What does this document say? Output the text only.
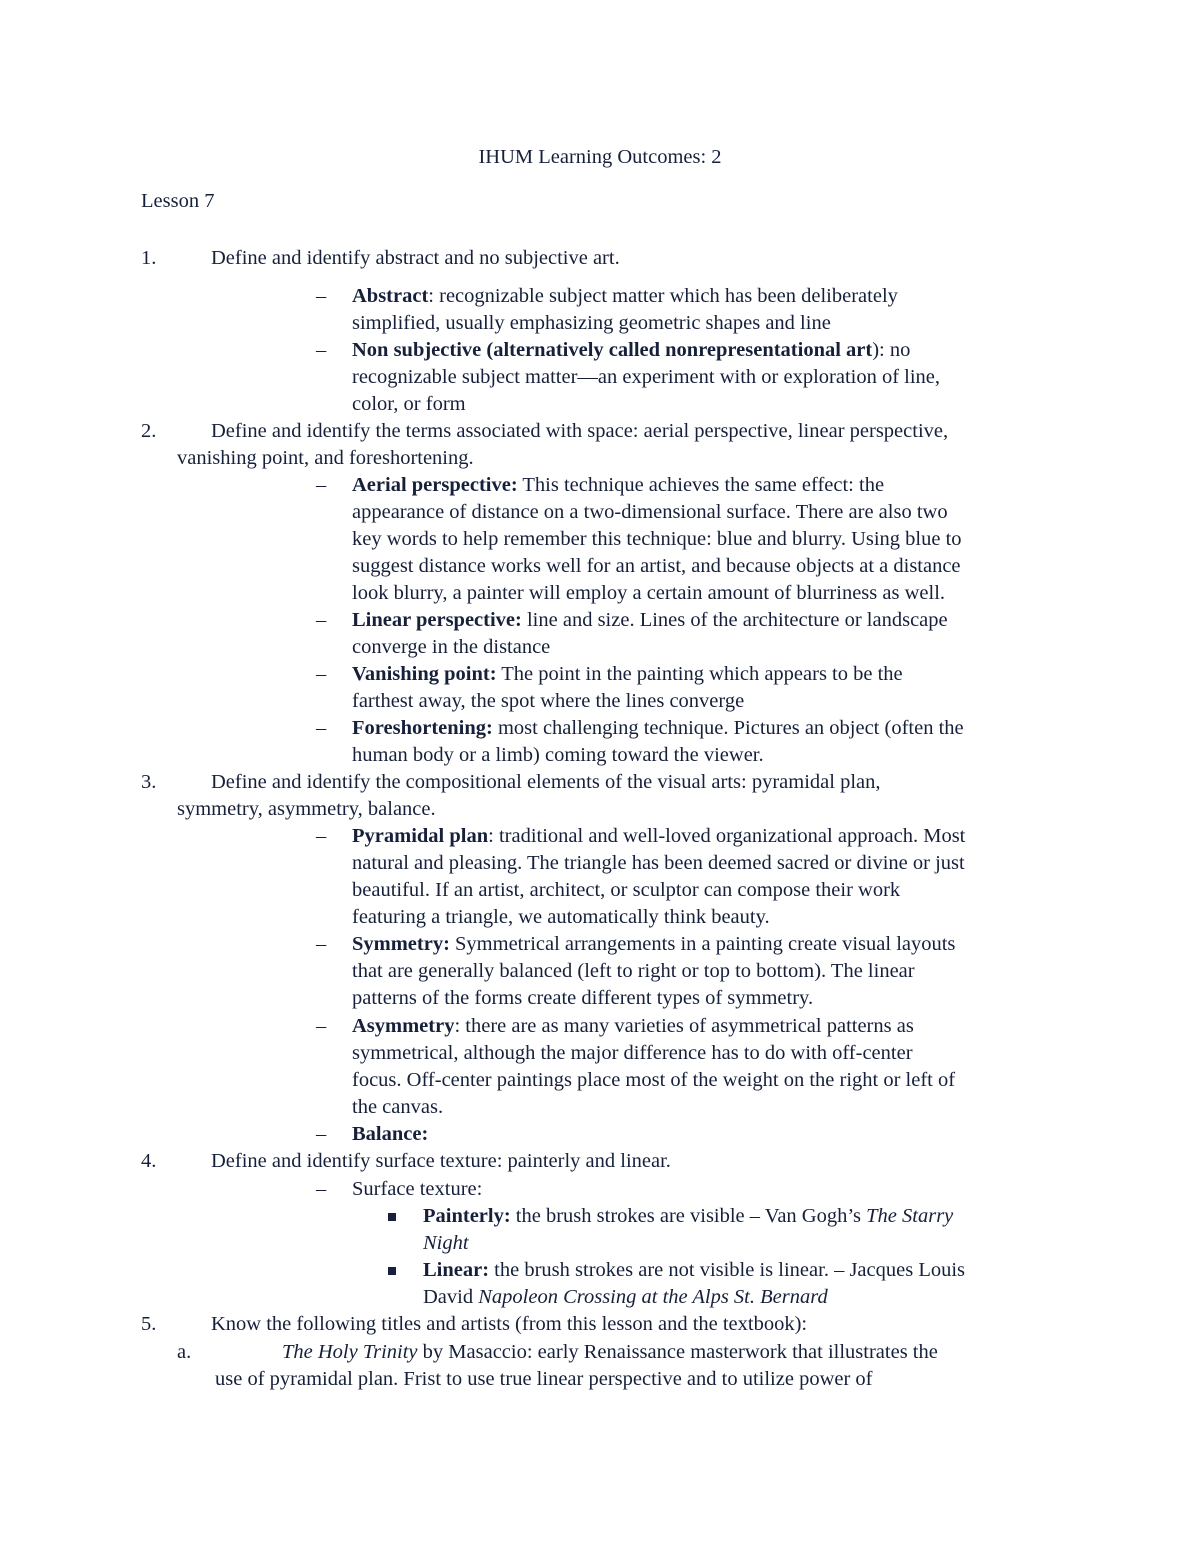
IHUM Learning Outcomes: 2
Lesson 7
1.	Define and identify abstract and no subjective art.
– Abstract: recognizable subject matter which has been deliberately
simplified, usually emphasizing geometric shapes and line
– Non subjective (alternatively called nonrepresentational art): no
recognizable subject matter—an experiment with or exploration of line,
color, or form
2.	Define and identify the terms associated with space: aerial perspective, linear perspective,
vanishing point, and foreshortening.
– Aerial perspective: This technique achieves the same effect: the
appearance of distance on a two-dimensional surface. There are also two
key words to help remember this technique: blue and blurry. Using blue to
suggest distance works well for an artist, and because objects at a distance
look blurry, a painter will employ a certain amount of blurriness as well.
– Linear perspective: line and size. Lines of the architecture or landscape
converge in the distance
– Vanishing point: The point in the painting which appears to be the
farthest away, the spot where the lines converge
– Foreshortening: most challenging technique. Pictures an object (often the
human body or a limb) coming toward the viewer.
3.	Define and identify the compositional elements of the visual arts: pyramidal plan,
symmetry, asymmetry, balance.
– Pyramidal plan: traditional and well-loved organizational approach. Most
natural and pleasing. The triangle has been deemed sacred or divine or just
beautiful. If an artist, architect, or sculptor can compose their work
featuring a triangle, we automatically think beauty.
– Symmetry: Symmetrical arrangements in a painting create visual layouts
that are generally balanced (left to right or top to bottom). The linear
patterns of the forms create different types of symmetry.
– Asymmetry: there are as many varieties of asymmetrical patterns as
symmetrical, although the major difference has to do with off-center
focus. Off-center paintings place most of the weight on the right or left of
the canvas.
– Balance:
4.	Define and identify surface texture: painterly and linear.
– Surface texture:
Painterly: the brush strokes are visible – Van Gogh’s The Starry
Night
Linear: the brush strokes are not visible is linear. – Jacques Louis
David Napoleon Crossing at the Alps St. Bernard
5.	Know the following titles and artists (from this lesson and the textbook):
a.	The Holy Trinity by Masaccio: early Renaissance masterwork that illustrates the
use of pyramidal plan. Frist to use true linear perspective and to utilize power of
